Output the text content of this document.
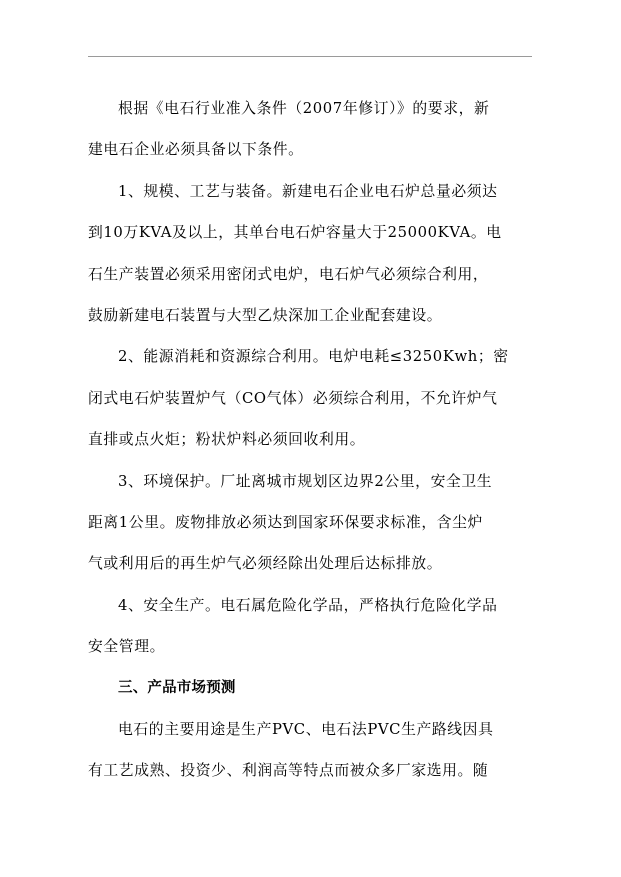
根据《电石行业准入条件（2007年修订）》的要求，新
建电石企业必须具备以下条件。
1、规模、工艺与装备。新建电石企业电石炉总量必须达
到10万KVA及以上，其单台电石炉容量大于25000KVA。电
石生产装置必须采用密闭式电炉，电石炉气必须综合利用，
鼓励新建电石装置与大型乙炔深加工企业配套建设。
2、能源消耗和资源综合利用。电炉电耗≤3250Kwh；密
闭式电石炉装置炉气（CO气体）必须综合利用，不允许炉气
直排或点火炬；粉状炉料必须回收利用。
3、环境保护。厂址离城市规划区边界2公里，安全卫生
距离1公里。废物排放必须达到国家环保要求标准，含尘炉
气或利用后的再生炉气必须经除出处理后达标排放。
4、安全生产。电石属危险化学品，严格执行危险化学品
安全管理。
三、产品市场预测
电石的主要用途是生产PVC、电石法PVC生产路线因具
有工艺成熟、投资少、利润高等特点而被众多厂家选用。随
